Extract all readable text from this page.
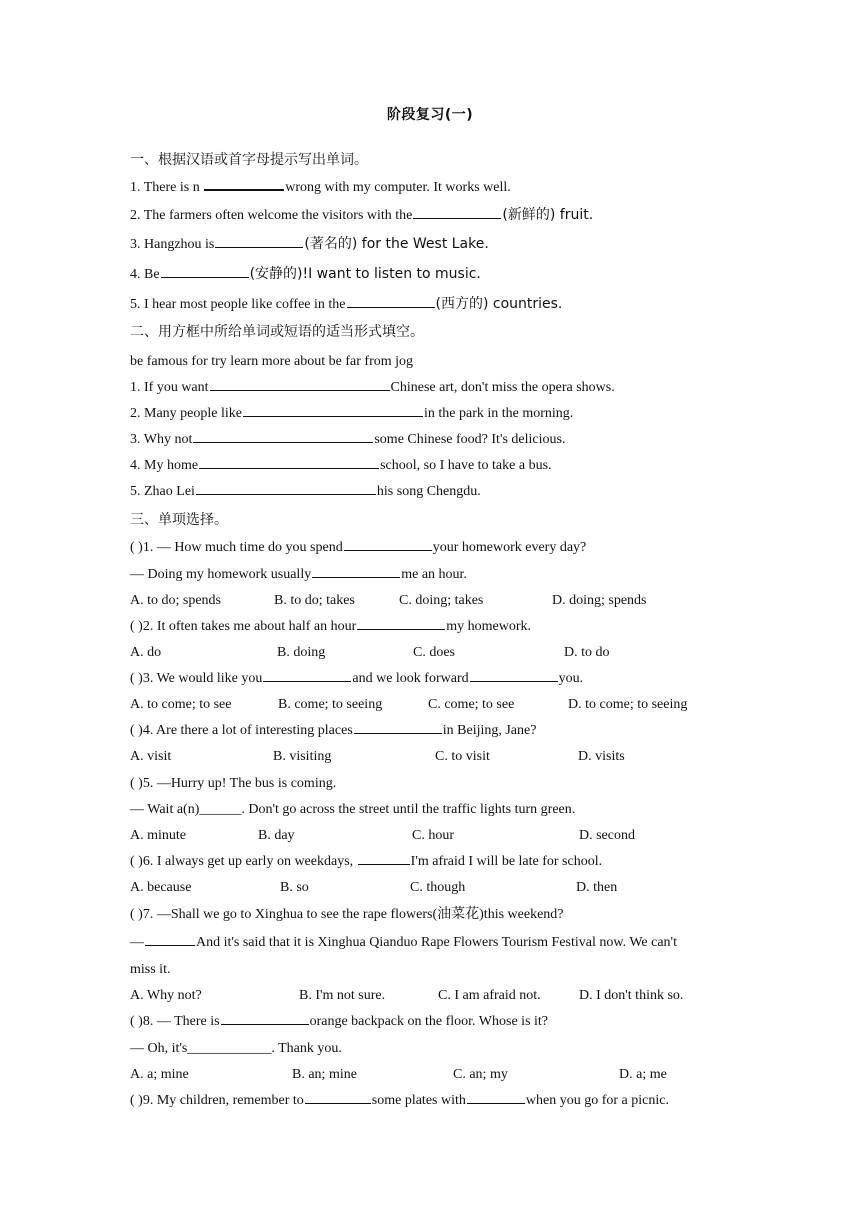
阶段复习(一)
一、根据汉语或首字母提示写出单词。
1. There is n	wrong with my computer. It works well.
2. The farmers often welcome the visitors with the	(新鲜的) fruit.
3. Hangzhou is	(著名的) for the West Lake.
4. Be	(安静的)!I want to listen to music.
5. I hear most people like coffee in the	(西方的) countries.
二、用方框中所给单词或短语的适当形式填空。
be famous for try learn more about be far from jog
1. If you want	Chinese art, don't miss the opera shows.
2. Many people like	in the park in the morning.
3. Why not	some Chinese food? It's delicious.
4. My home	school, so I have to take a bus.
5. Zhao Lei	his song Chengdu.
三、单项选择。
( )1. — How much time do you spend	your homework every day?
— Doing my homework usually	me an hour.
A. to do; spends	B. to do; takes	C. doing; takes	D. doing; spends
( )2. It often takes me about half an hour	my homework.
A. do	B. doing	C. does	D. to do
( )3. We would like you	and we look forward	you.
A. to come; to see	B. come; to seeing	C. come; to see	D. to come; to seeing
( )4. Are there a lot of interesting places	in Beijing, Jane?
A. visit	B. visiting	C. to visit	D. visits
( )5. —Hurry up! The bus is coming.
— Wait a(n)______. Don't go across the street until the traffic lights turn green.
A. minute	B. day	C. hour	D. second
( )6. I always get up early on weekdays,	I'm afraid I will be late for school.
A. because	B. so	C. though	D. then
( )7. —Shall we go to Xinghua to see the rape flowers(油菜花)this weekend?
—	And it's said that it is Xinghua Qianduo Rape Flowers Tourism Festival now. We can't
miss it.
A. Why not?	B. I'm not sure.	C. I am afraid not.	D. I don't think so.
( )8. — There is	orange backpack on the floor. Whose is it?
— Oh, it's____________. Thank you.
A. a; mine	B. an; mine	C. an; my	D. a; me
( )9. My children, remember to	some plates with	when you go for a picnic.
